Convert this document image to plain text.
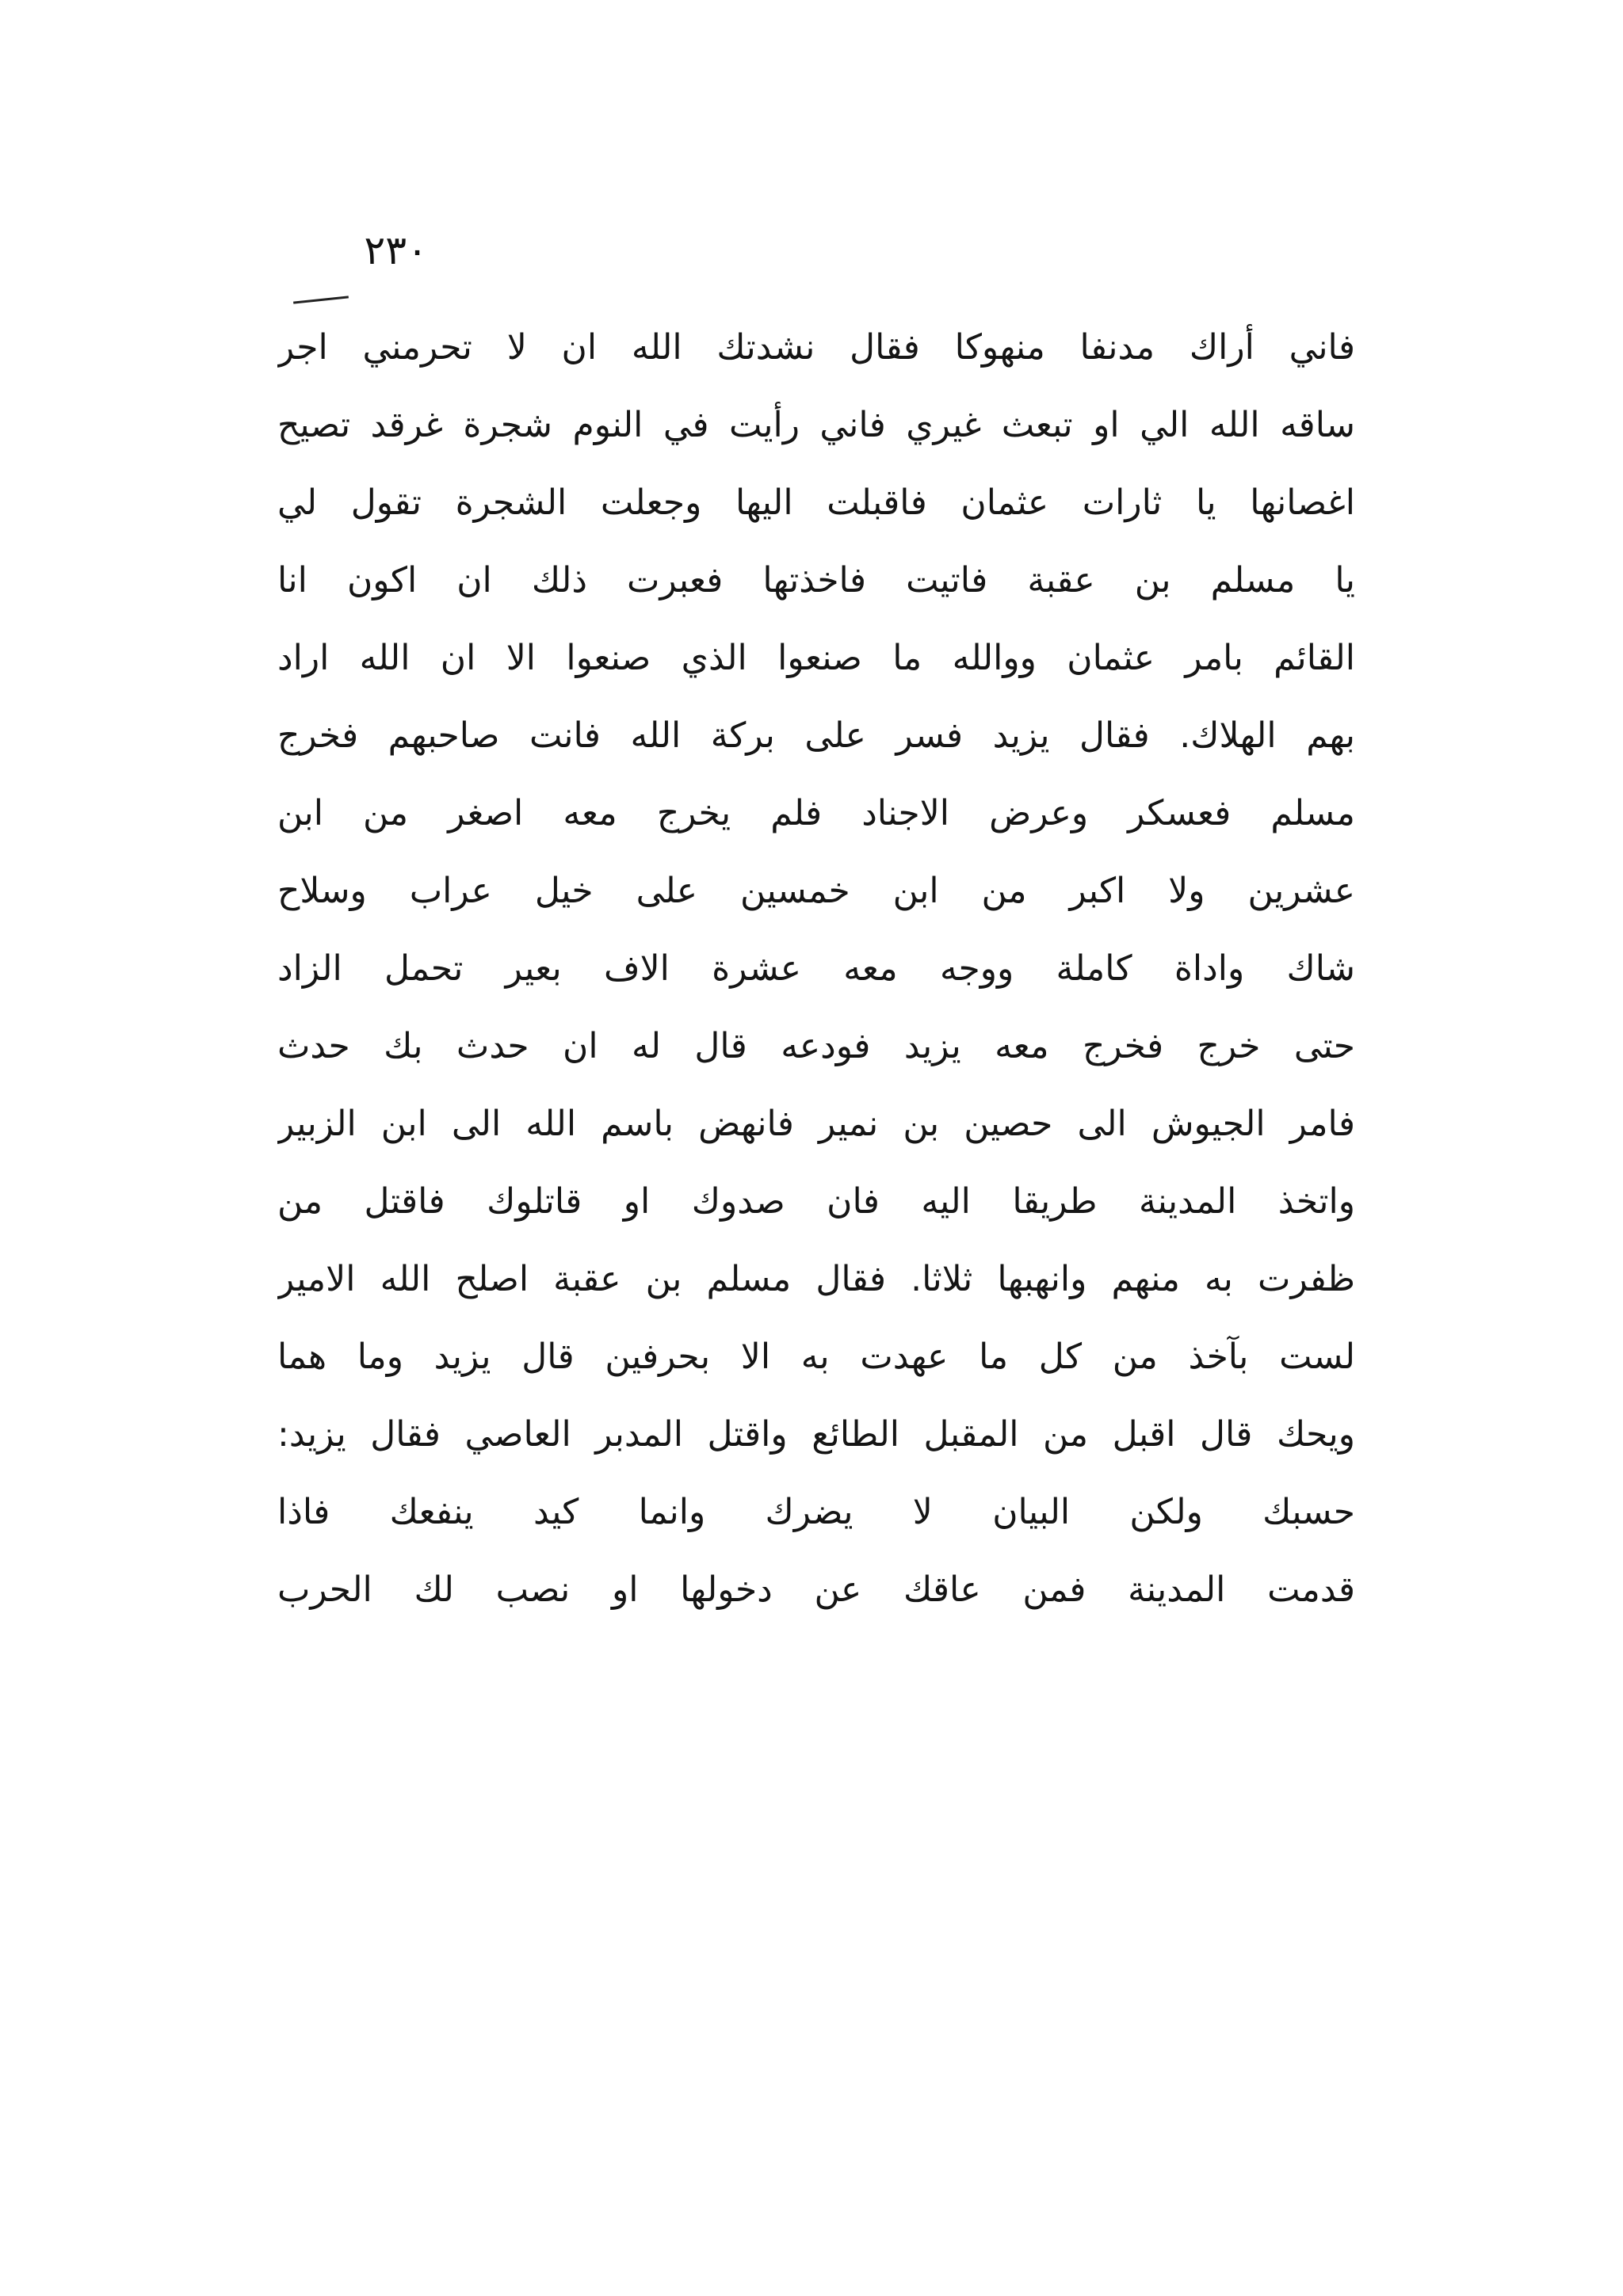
٢٣٠
فاني أراك مدنفا منهوكا فقال نشدتك الله ان لا تحرمني اجر
ساقه الله الي او تبعث غيري فاني رأيت في النوم شجرة غرقد تصيح
اغصانها يا ثارات عثمان فاقبلت اليها وجعلت الشجرة تقول لي
يا مسلم بن عقبة فاتيت فاخذتها فعبرت ذلك ان اكون انا
القائم بامر عثمان ووالله ما صنعوا الذي صنعوا الا ان الله اراد
بهم الهلاك. فقال يزيد فسر على بركة الله فانت صاحبهم فخرج
مسلم فعسكر وعرض الاجناد فلم يخرج معه اصغر من ابن
عشرين ولا اكبر من ابن خمسين على خيل عراب وسلاح
شاك واداة كاملة ووجه معه عشرة الاف بعير تحمل الزاد
حتى خرج فخرج معه يزيد فودعه قال له ان حدث بك حدث
فامر الجيوش الى حصين بن نمير فانهض باسم الله الى ابن الزبير
واتخذ المدينة طريقا اليه فان صدوك او قاتلوك فاقتل من
ظفرت به منهم وانهبها ثلاثا. فقال مسلم بن عقبة اصلح الله الامير
لست بآخذ من كل ما عهدت به الا بحرفين قال يزيد وما هما
ويحك قال اقبل من المقبل الطائع واقتل المدبر العاصي فقال يزيد:
حسبك ولكن البيان لا يضرك وانما كيد ينفعك فاذا
قدمت المدينة فمن عاقك عن دخولها او نصب لك الحرب
